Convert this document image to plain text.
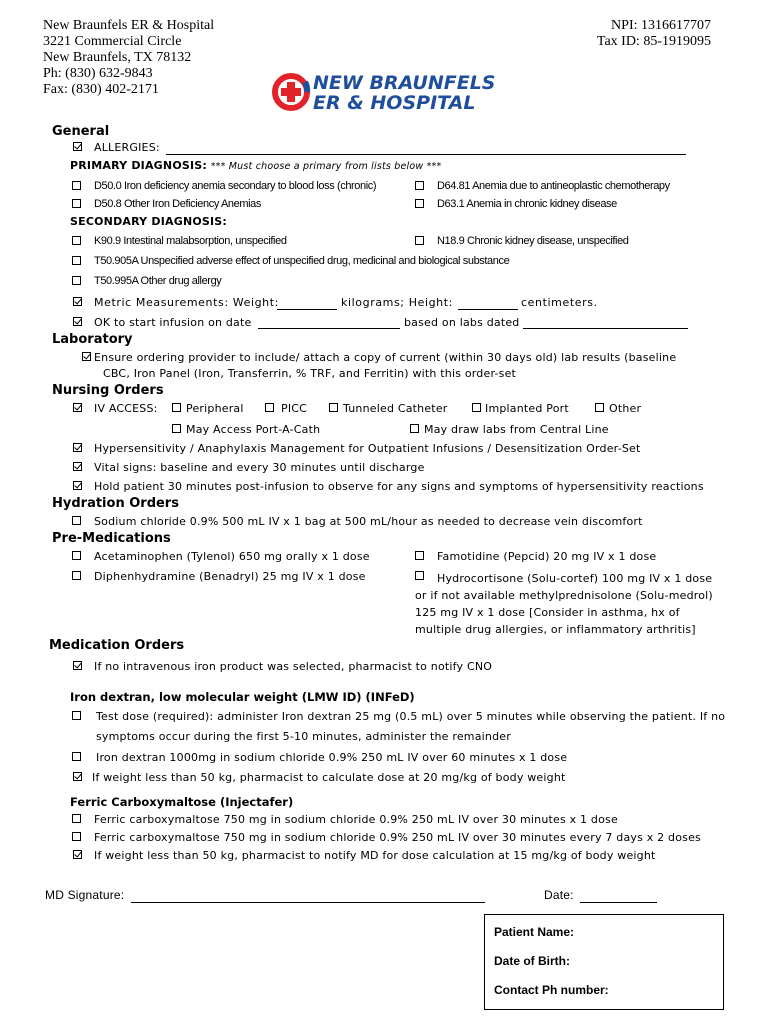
New Braunfels ER & Hospital
3221 Commercial Circle
New Braunfels, TX 78132
Ph: (830) 632-9843
Fax: (830) 402-2171
NPI: 1316617707
Tax ID: 85-1919095
NEW BRAUNFELS
ER & HOSPITAL
General
ALLERGIES:
PRIMARY DIAGNOSIS: *** Must choose a primary from lists below ***
D50.0 Iron deficiency anemia secondary to blood loss (chronic)	D64.81 Anemia due to antineoplastic chemotherapy
D50.8 Other Iron Deficiency Anemias	D63.1 Anemia in chronic kidney disease
SECONDARY DIAGNOSIS:
K90.9 Intestinal malabsorption, unspecified	N18.9 Chronic kidney disease, unspecified
T50.905A Unspecified adverse effect of unspecified drug, medicinal and biological substance
T50.995A Other drug allergy
Metric Measurements: Weight:	kilograms; Height:	centimeters.
OK to start infusion on date	based on labs dated
Laboratory
Ensure ordering provider to include/ attach a copy of current (within 30 days old) lab results (baseline
CBC, Iron Panel (Iron, Transferrin, % TRF, and Ferritin) with this order-set
Nursing Orders
IV ACCESS:	Peripheral	PICC	Tunneled Catheter	Implanted Port	Other
May Access Port-A-Cath	May draw labs from Central Line
Hypersensitivity / Anaphylaxis Management for Outpatient Infusions / Desensitization Order-Set
Vital signs: baseline and every 30 minutes until discharge
Hold patient 30 minutes post-infusion to observe for any signs and symptoms of hypersensitivity reactions
Hydration Orders
Sodium chloride 0.9% 500 mL IV x 1 bag at 500 mL/hour as needed to decrease vein discomfort
Pre-Medications
Acetaminophen (Tylenol) 650 mg orally x 1 dose	Famotidine (Pepcid) 20 mg IV x 1 dose
Diphenhydramine (Benadryl) 25 mg IV x 1 dose	Hydrocortisone (Solu-cortef) 100 mg IV x 1 dose
or if not available methylprednisolone (Solu-medrol)
125 mg IV x 1 dose [Consider in asthma, hx of
multiple drug allergies, or inflammatory arthritis]
Medication Orders
If no intravenous iron product was selected, pharmacist to notify CNO
Iron dextran, low molecular weight (LMW ID) (INFeD)
Test dose (required): administer Iron dextran 25 mg (0.5 mL) over 5 minutes while observing the patient. If no
symptoms occur during the first 5-10 minutes, administer the remainder
Iron dextran 1000mg in sodium chloride 0.9% 250 mL IV over 60 minutes x 1 dose
If weight less than 50 kg, pharmacist to calculate dose at 20 mg/kg of body weight
Ferric Carboxymaltose (Injectafer)
Ferric carboxymaltose 750 mg in sodium chloride 0.9% 250 mL IV over 30 minutes x 1 dose
Ferric carboxymaltose 750 mg in sodium chloride 0.9% 250 mL IV over 30 minutes every 7 days x 2 doses
If weight less than 50 kg, pharmacist to notify MD for dose calculation at 15 mg/kg of body weight
MD Signature:	Date:
Patient Name:
Date of Birth:
Contact Ph number:
